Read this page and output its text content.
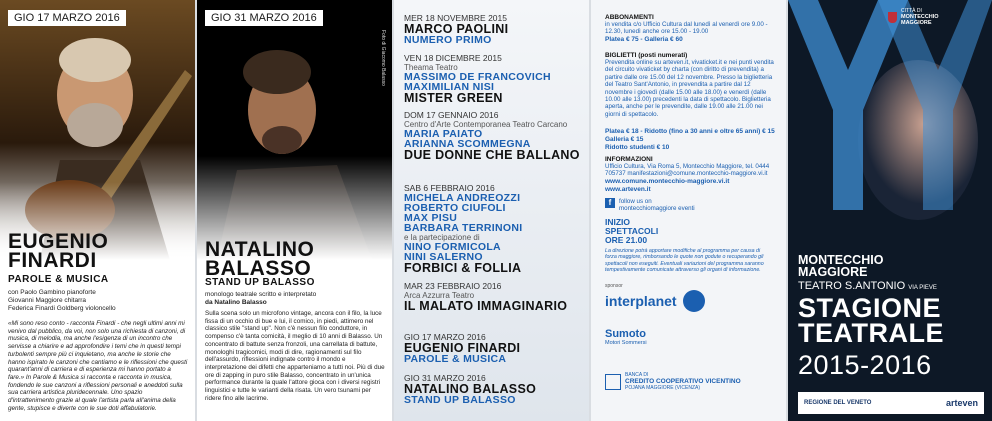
GIO 17 MARZO 2016
EUGENIO
FINARDI
PAROLE & MUSICA
con Paolo Gambino pianoforte
Giovanni Maggiore chitarra
Federica Finardi Goldberg violoncello
«Mi sono reso conto - racconta Finardi - che negli ultimi anni mi venivo dal pubblico, da voi, non solo una richiesta di canzoni, di musica, di melodia, ma anche l'esigenza di un incontro che servisse a chiarire e ad approfondire i temi che in questi tempi turbolenti sempre più ci inquietano, ma anche le storie che hanno ispirato le canzoni che cantiamo e le riflessioni che questi quarant'anni di carriera e di esperienza mi hanno portato a fare.» In Parole & Musica si racconta e racconta in musica, fondendo le sue canzoni a riflessioni personali e aneddoti sulla sua carriera artistica pluridecennale. Uno spazio d'intrattenimento grazie al quale l'artista parla all'anima della gente, stupisce e diverte con le sue doti affabulatorie.
GIO 31 MARZO 2016
Foto di Giacomo Balasso
NATALINO
BALASSO
STAND UP BALASSO
monologo teatrale scritto e interpretato
da Natalino Balasso
Sulla scena solo un microfono vintage, ancora con il filo, la luce fissa di un occhio di bue e lui, il comico, in piedi, attimero nel classico stile "stand up". Non c'è nessun filo conduttore, in compenso c'è tanta comicità, il meglio di 10 anni di Balasso. Un concentrato di battute senza fronzoli, una carrellata di battute, monologhi tragicomici, modi di dire, ragionamenti sul filo dell'assurdo, riflessioni indignate contro il mondo e interpretazione dei difetti che apparteniamo a tutti noi. Più di due ore di zapping in puro stile Balasso, concentrato in un'unica performance durante la quale l'attore gioca con i diversi registri linguistici e tutte le varianti della risata. Un vero tsunami per ridere fino alle lacrime.
MER 18 NOVEMBRE 2015
MARCO PAOLINI
NUMERO PRIMO
VEN 18 DICEMBRE 2015
Theama Teatro
MASSIMO DE FRANCOVICH
MAXIMILIAN NISI
MISTER GREEN
DOM 17 GENNAIO 2016
Centro d'Arte Contemporanea Teatro Carcano
MARIA PAIATO
ARIANNA SCOMMEGNA
DUE DONNE CHE BALLANO
SAB 6 FEBBRAIO 2016
MICHELA ANDREOZZI
ROBERTO CIUFOLI
MAX PISU
BARBARA TERRINONI
e la partecipazione di
NINO FORMICOLA
NINI SALERNO
FORBICI & FOLLIA
MAR 23 FEBBRAIO 2016
Arca Azzurra Teatro
IL MALATO IMMAGINARIO
GIO 17 MARZO 2016
EUGENIO FINARDI
PAROLE & MUSICA
GIO 31 MARZO 2016
NATALINO BALASSO
STAND UP BALASSO
ABBONAMENTI
in vendita c/o Ufficio Cultura dal lunedì al venerdì ore 9.00 - 12.30, lunedì anche ore 15.00 - 19.00
Platea € 75 - Galleria € 60
BIGLIETTI (posti numerati)
Prevendita online su arteven.it, vivaticket.it e nei punti vendita del circuito vivaticket by charta (con diritto di prevendita) a partire dalle ore 15.00 del 12 novembre. Presso la biglietteria del Teatro Sant'Antonio, in prevendita a partire dal 12 novembre i giovedì (dalle 15.00 alle 18.00) e venerdì (dalle 10.00 alle 13.00) precedenti la data di spettacolo. Biglietteria aperta, anche per le prevendite, dalle 19.00 alle 21.00 nei giorni di spettacolo.
Platea € 18 - Ridotto (fino a 30 anni e oltre 65 anni) € 15
Galleria € 15
Ridotto studenti € 10
INFORMAZIONI
Ufficio Cultura, Via Roma 5, Montecchio Maggiore, tel. 0444 705737 manifestazioni@comune.montecchio-maggiore.vi.it
www.comune.montecchio-maggiore.vi.it
www.arteven.it
f	follow us on montecchiomaggiore eventi
INIZIO
SPETTACOLI
ORE 21.00
La direzione potrà apportare modifiche al programma per causa di forza maggiore, rimborsando le quote non godute o recuperando gli spettacoli non eseguiti. Eventuali variazioni del programma saranno tempestivamente comunicate attraverso gli organi di informazione.
sponsor
interplanet
Sumoto
Motori Sommersi
BANCA DI
CREDITO COOPERATIVO VICENTINO
POJANA MAGGIORE (VICENZA)
CITTÀ DI
MONTECCHIO MAGGIORE
MONTECCHIO
MAGGIORE
TEATRO S.ANTONIO VIA PIEVE
STAGIONE
TEATRALE
2015-2016
REGIONE DEL VENETO	arteven
